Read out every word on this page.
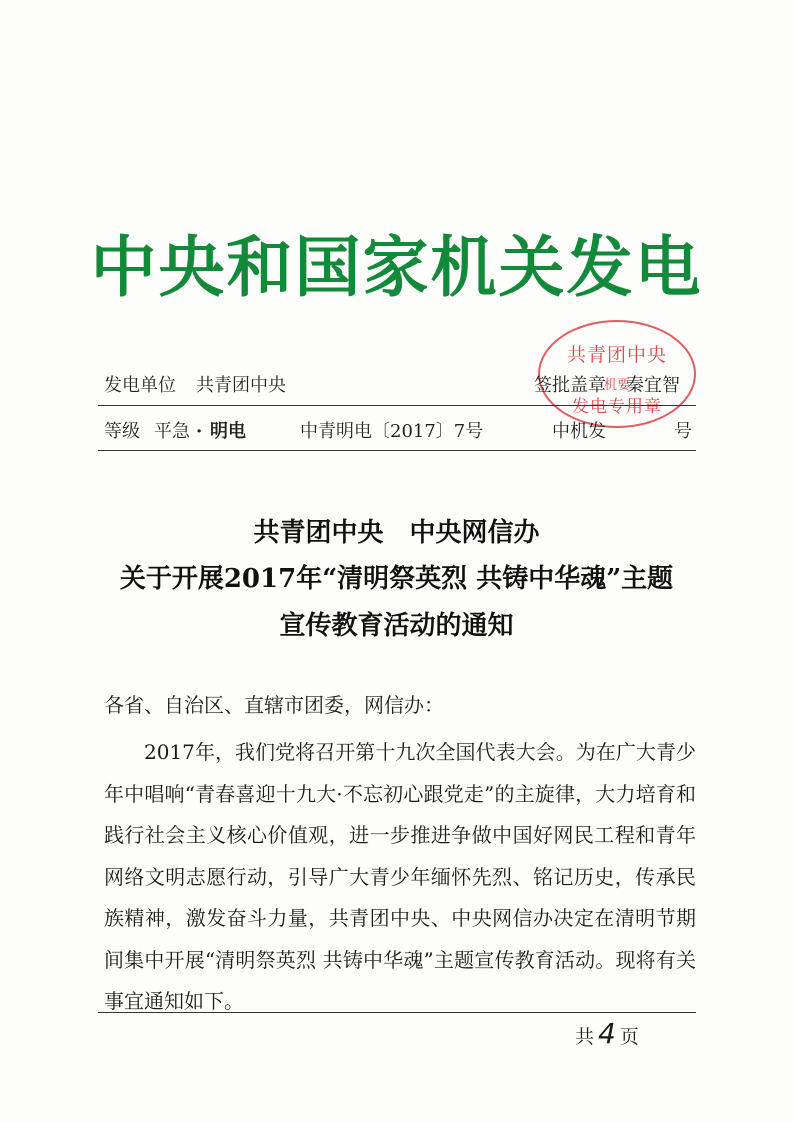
中央和国家机关发电
共青团中央
机要
发电专用章
发电单位 共青团中央	签批盖章 秦宜智
等级 平急 · 明电	中青明电〔2017〕7号	中机发	号
共青团中央　中央网信办
关于开展2017年“清明祭英烈 共铸中华魂”主题
宣传教育活动的通知
各省、自治区、直辖市团委，网信办：

2017年，我们党将召开第十九次全国代表大会。为在广大青少年中唱响“青春喜迎十九大·不忘初心跟党走”的主旋律，大力培育和践行社会主义核心价值观，进一步推进争做中国好网民工程和青年网络文明志愿行动，引导广大青少年缅怀先烈、铭记历史，传承民族精神，激发奋斗力量，共青团中央、中央网信办决定在清明节期间集中开展“清明祭英烈 共铸中华魂”主题宣传教育活动。现将有关事宜通知如下。

共 4 页
